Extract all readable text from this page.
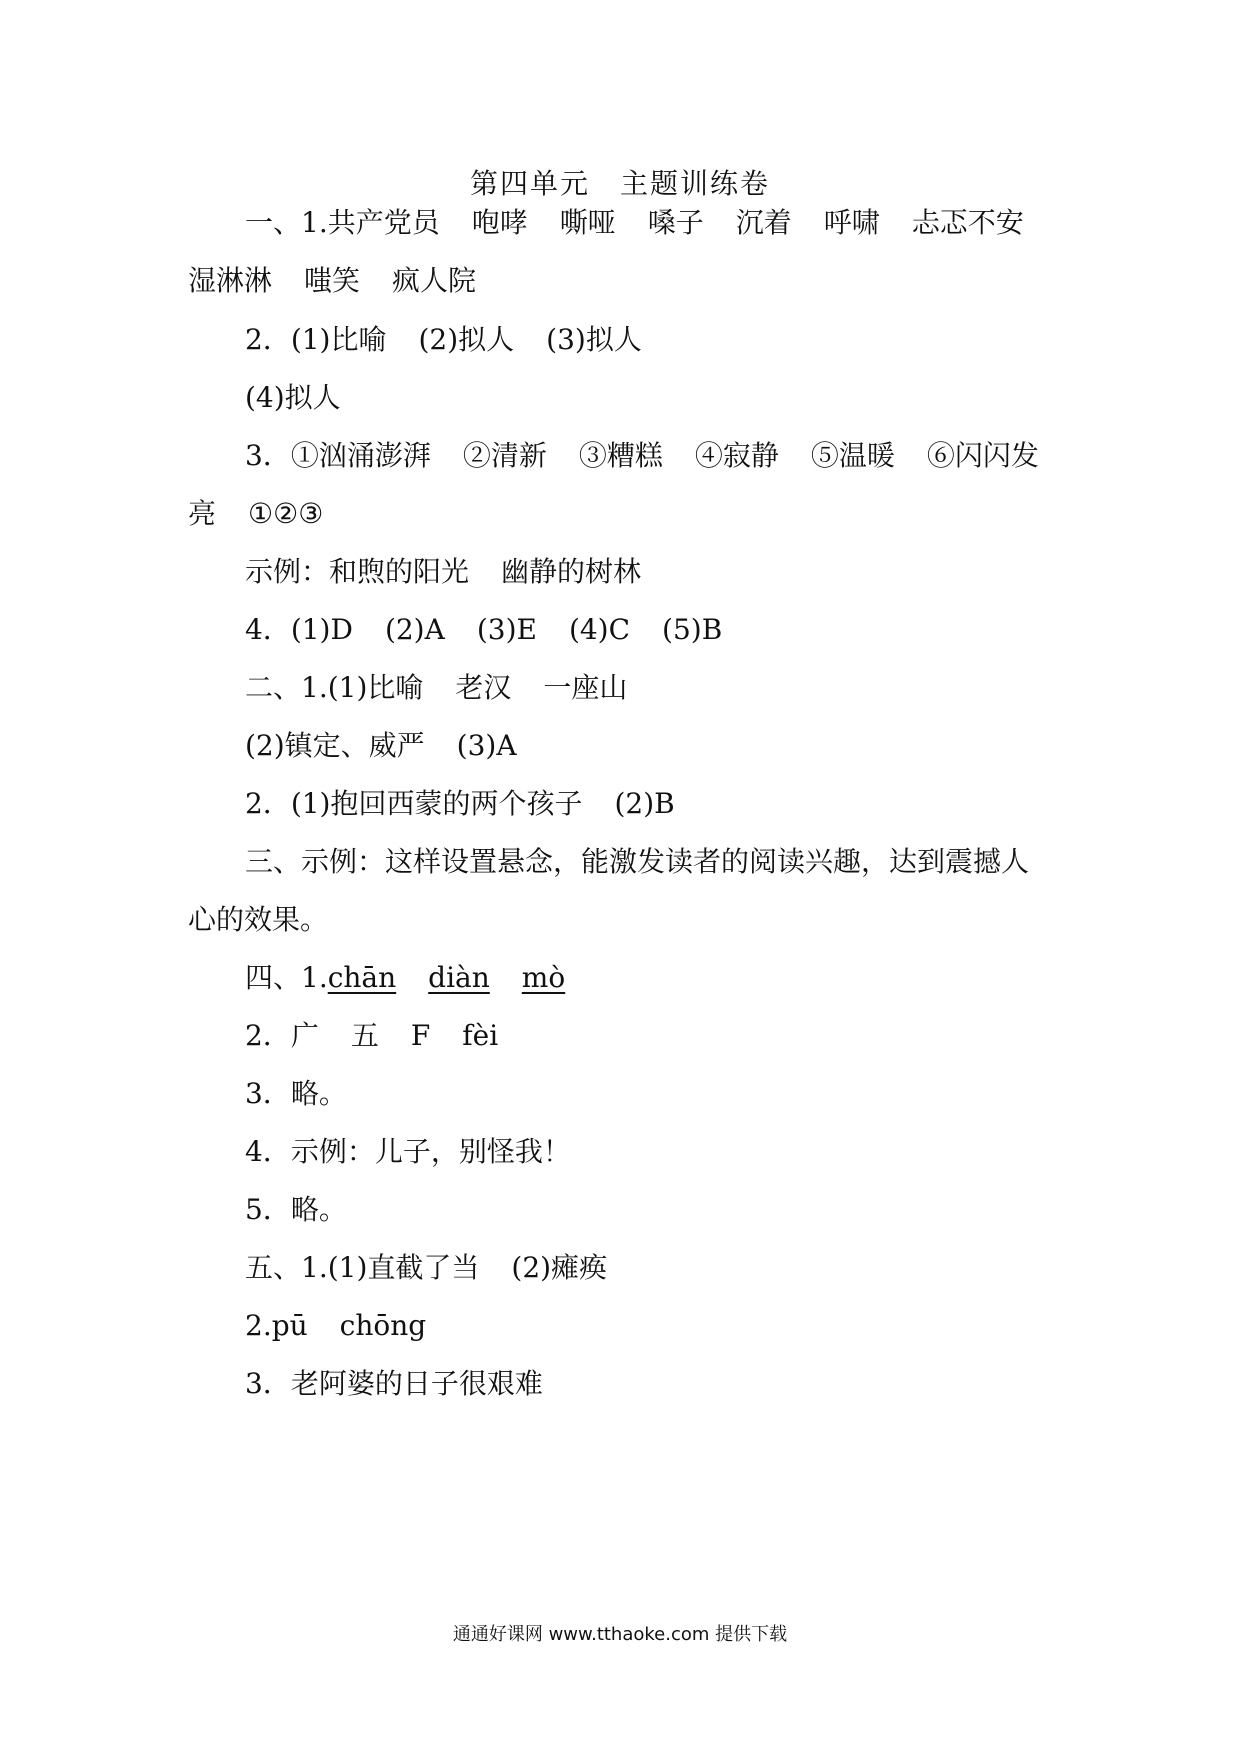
第四单元 主题训练卷
一、1.共产党员 咆哮 嘶哑 嗓子 沉着 呼啸 忐忑不安
湿淋淋 嗤笑 疯人院
2．(1)比喻 (2)拟人 (3)拟人
(4)拟人
3．①汹涌澎湃 ②清新 ③糟糕 ④寂静 ⑤温暖 ⑥闪闪发
亮 ①②③
示例：和煦的阳光 幽静的树林
4．(1)D (2)A (3)E (4)C (5)B
二、1.(1)比喻 老汉 一座山
(2)镇定、威严 (3)A
2．(1)抱回西蒙的两个孩子 (2)B
三、示例：这样设置悬念，能激发读者的阅读兴趣，达到震撼人
心的效果。
四、1.chān diàn mò
2．广 五 F fèi
3．略。
4．示例：儿子，别怪我！
5．略。
五、1.(1)直截了当 (2)瘫痪
2.pū chōng
3．老阿婆的日子很艰难
通通好课网 www.tthaoke.com 提供下载
